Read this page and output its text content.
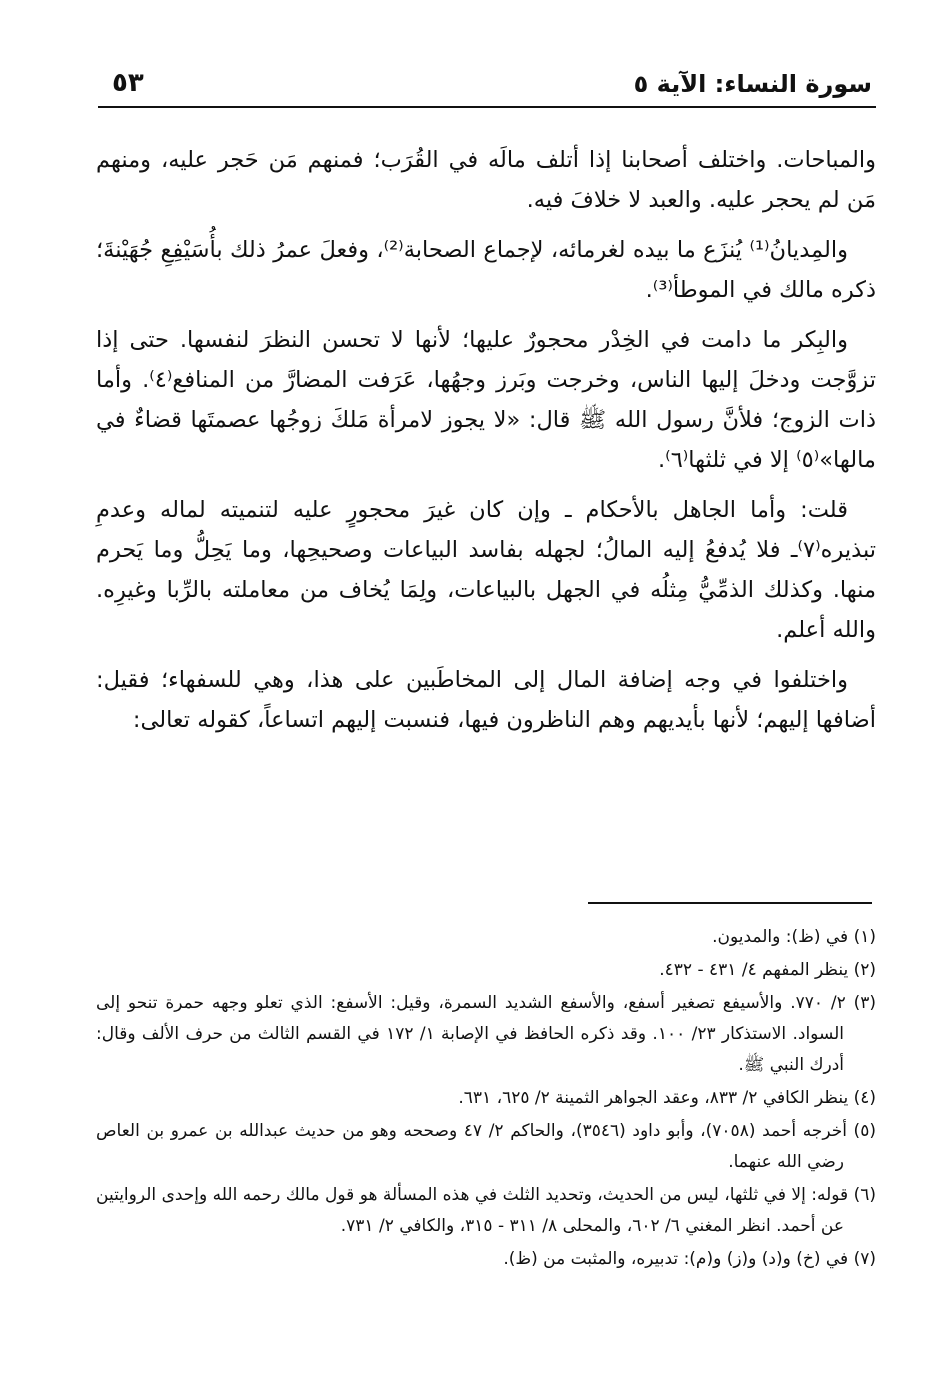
سورة النساء: الآية ٥
٥٣

والمباحات. واختلف أصحابنا إذا أتلف مالَه في القُرَب؛ فمنهم مَن حَجر عليه، ومنهم مَن لم يحجر عليه. والعبد لا خلافَ فيه.

والمِديانُ⁽¹⁾ يُنزَع ما بيده لغرمائه، لإجماع الصحابة⁽²⁾، وفعلَ عمرُ ذلك بأُسَيْفِعِ جُهَيْنةَ؛ ذكره مالك في الموطأ⁽³⁾.

والبِكر ما دامت في الخِدْر محجورٌ عليها؛ لأنها لا تحسن النظرَ لنفسها. حتى إذا تزوَّجت ودخلَ إليها الناس، وخرجت وبَرز وجهُها، عَرَفت المضارَّ من المنافع⁽٤⁾. وأما ذات الزوج؛ فلأنَّ رسول الله ﷺ قال: «لا يجوز لامرأة مَلكَ زوجُها عصمتَها قضاءٌ في مالها»⁽٥⁾ إلا في ثلثها⁽٦⁾.

قلت: وأما الجاهل بالأحكام ـ وإن كان غيرَ محجورٍ عليه لتنميته لماله وعدمِ تبذيره⁽٧⁾ـ فلا يُدفعُ إليه المالُ؛ لجهله بفاسد البياعات وصحيحِها، وما يَحِلُّ وما يَحرم منها. وكذلك الذمِّيُّ مِثلُه في الجهل بالبياعات، ولِمَا يُخاف من معاملته بالرِّبا وغيرِه. والله أعلم.

واختلفوا في وجه إضافة المال إلى المخاطَبين على هذا، وهي للسفهاء؛ فقيل: أضافها إليهم؛ لأنها بأيديهم وهم الناظرون فيها، فنسبت إليهم اتساعاً، كقوله تعالى:

(١) في (ظ): والمديون.
(٢) ينظر المفهم ٤/ ٤٣١ - ٤٣٢.
(٣) ٢/ ٧٧٠. والأسيفع تصغير أسفع، والأسفع الشديد السمرة، وقيل: الأسفع: الذي تعلو وجهه حمرة تنحو إلى السواد. الاستذكار ٢٣/ ١٠٠. وقد ذكره الحافظ في الإصابة ١/ ١٧٢ في القسم الثالث من حرف الألف وقال: أدرك النبي ﷺ.
(٤) ينظر الكافي ٢/ ٨٣٣، وعقد الجواهر الثمينة ٢/ ٦٢٥، ٦٣١.
(٥) أخرجه أحمد (٧٠٥٨)، وأبو داود (٣٥٤٦)، والحاكم ٢/ ٤٧ وصححه وهو من حديث عبدالله بن عمرو بن العاص رضي الله عنهما.
(٦) قوله: إلا في ثلثها، ليس من الحديث، وتحديد الثلث في هذه المسألة هو قول مالك رحمه الله وإحدى الروايتين عن أحمد. انظر المغني ٦/ ٦٠٢، والمحلى ٨/ ٣١١ - ٣١٥، والكافي ٢/ ٧٣١.
(٧) في (خ) و(د) و(ز) و(م): تدبيره، والمثبت من (ظ).
